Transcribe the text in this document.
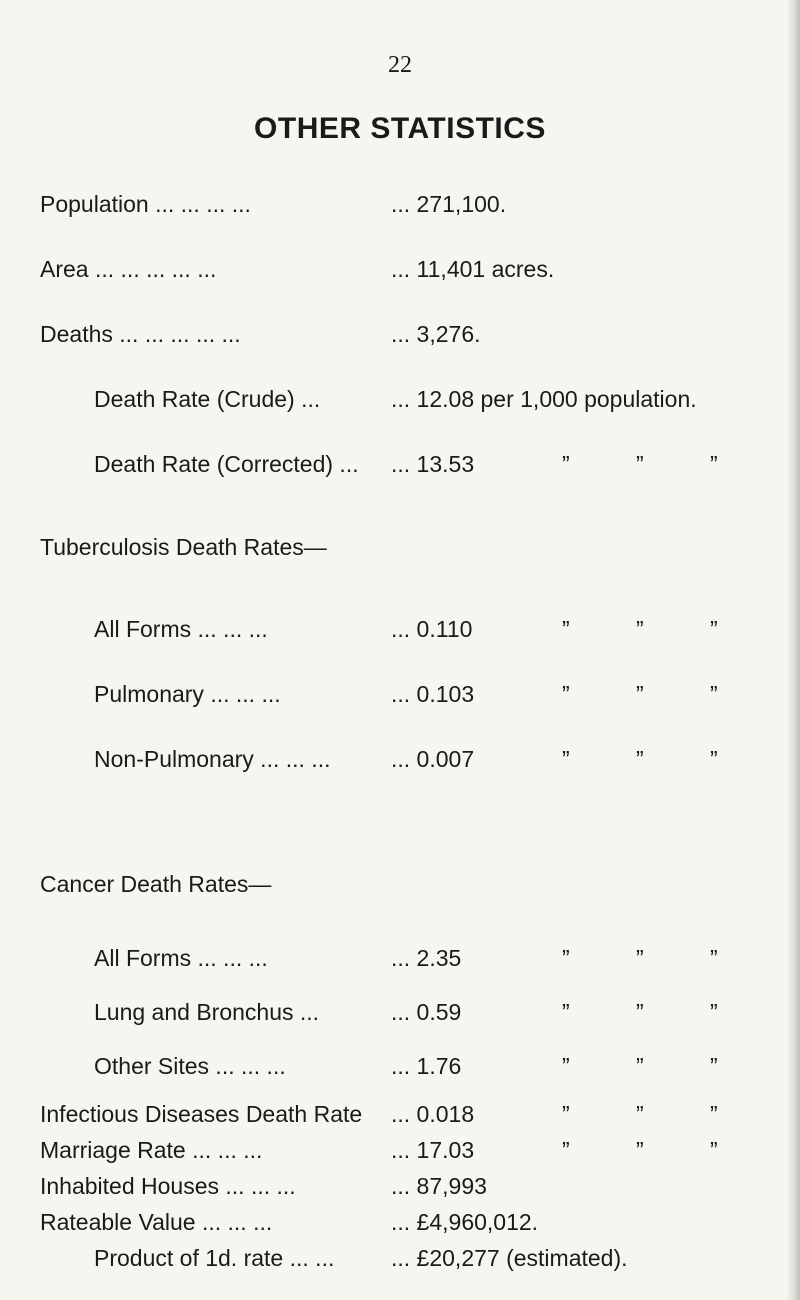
22
OTHER STATISTICS
Population ... ... ... ...	... 271,100.
Area ... ... ... ... ...	... 11,401 acres.
Deaths ... ... ... ... ...	... 3,276.
Death Rate (Crude) ...	... 12.08 per 1,000 population.
Death Rate (Corrected) ... ... 13.53	”	”	”
Tuberculosis Death Rates—
All Forms ... ... ...	... 0.110	”	”	”
Pulmonary ... ... ...	... 0.103	”	”	”
Non-Pulmonary ... ... ...	... 0.007	”	”	”
Cancer Death Rates—
All Forms ... ... ...	... 2.35	”	”	”
Lung and Bronchus ...	... 0.59	”	”	”
Other Sites ... ... ...	... 1.76	”	”	”
Infectious Diseases Death Rate ... 0.018	”	”	”
Marriage Rate ... ... ...	... 17.03	”	”	”
Inhabited Houses ... ... ...	... 87,993
Rateable Value ... ... ...	... £4,960,012.
Product of 1d. rate ... ... ... £20,277 (estimated).
